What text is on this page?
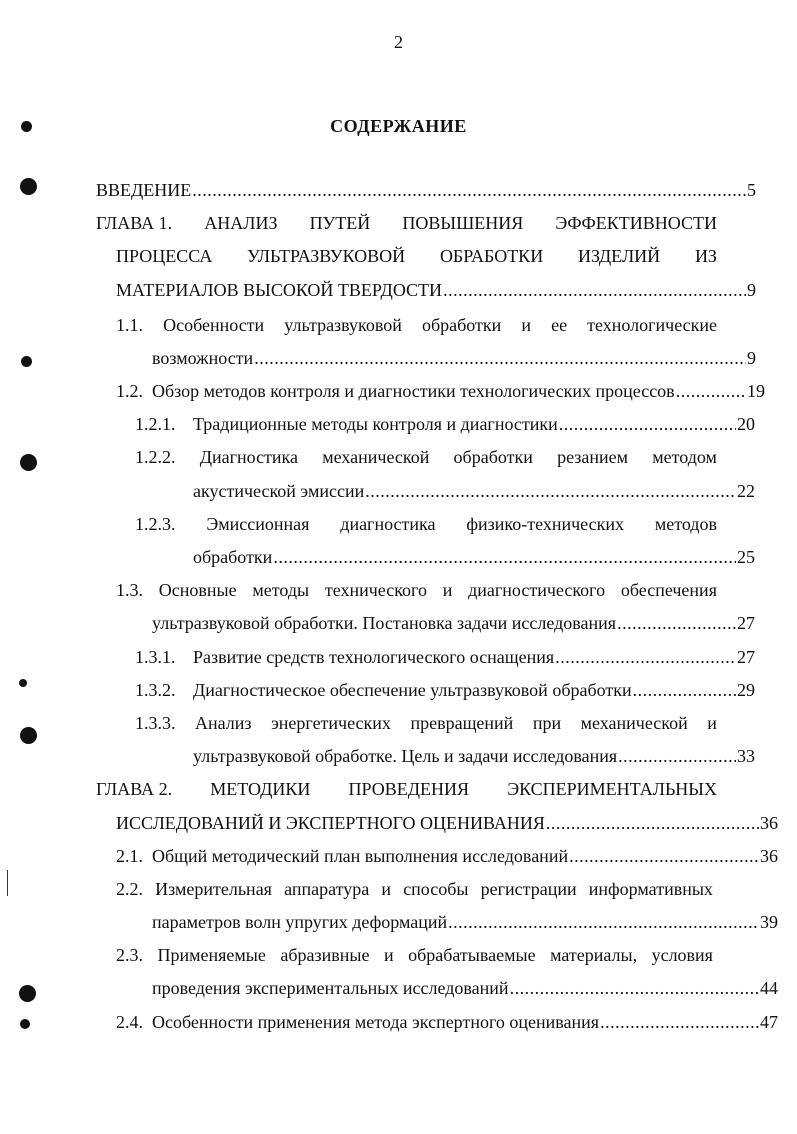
2
СОДЕРЖАНИЕ
ВВЕДЕНИЕ .....	5
ГЛАВА 1. АНАЛИЗ ПУТЕЙ ПОВЫШЕНИЯ ЭФФЕКТИВНОСТИ
ПРОЦЕССА УЛЬТРАЗВУКОВОЙ ОБРАБОТКИ ИЗДЕЛИЙ ИЗ
МАТЕРИАЛОВ ВЫСОКОЙ ТВЕРДОСТИ .....	9
1.1. Особенности ультразвуковой обработки и ее технологические
возможности .....	9
1.2. Обзор методов контроля и диагностики технологических процессов .....	19
1.2.1. Традиционные методы контроля и диагностики .....	20
1.2.2. Диагностика механической обработки резанием методом
акустической эмиссии .....	22
1.2.3. Эмиссионная диагностика физико-технических методов
обработки .....	25
1.3. Основные методы технического и диагностического обеспечения
ультразвуковой обработки. Постановка задачи исследования .....	27
1.3.1. Развитие средств технологического оснащения .....	27
1.3.2. Диагностическое обеспечение ультразвуковой обработки .....	29
1.3.3. Анализ энергетических превращений при механической и
ультразвуковой обработке. Цель и задачи исследования .....	33
ГЛАВА 2. МЕТОДИКИ ПРОВЕДЕНИЯ ЭКСПЕРИМЕНТАЛЬНЫХ
ИССЛЕДОВАНИЙ И ЭКСПЕРТНОГО ОЦЕНИВАНИЯ .....	36
2.1. Общий методический план выполнения исследований .....	36
2.2. Измерительная аппаратура и способы регистрации информативных
параметров волн упругих деформаций .....	39
2.3. Применяемые абразивные и обрабатываемые материалы, условия
проведения экспериментальных исследований .....	44
2.4. Особенности применения метода экспертного оценивания .....	47
